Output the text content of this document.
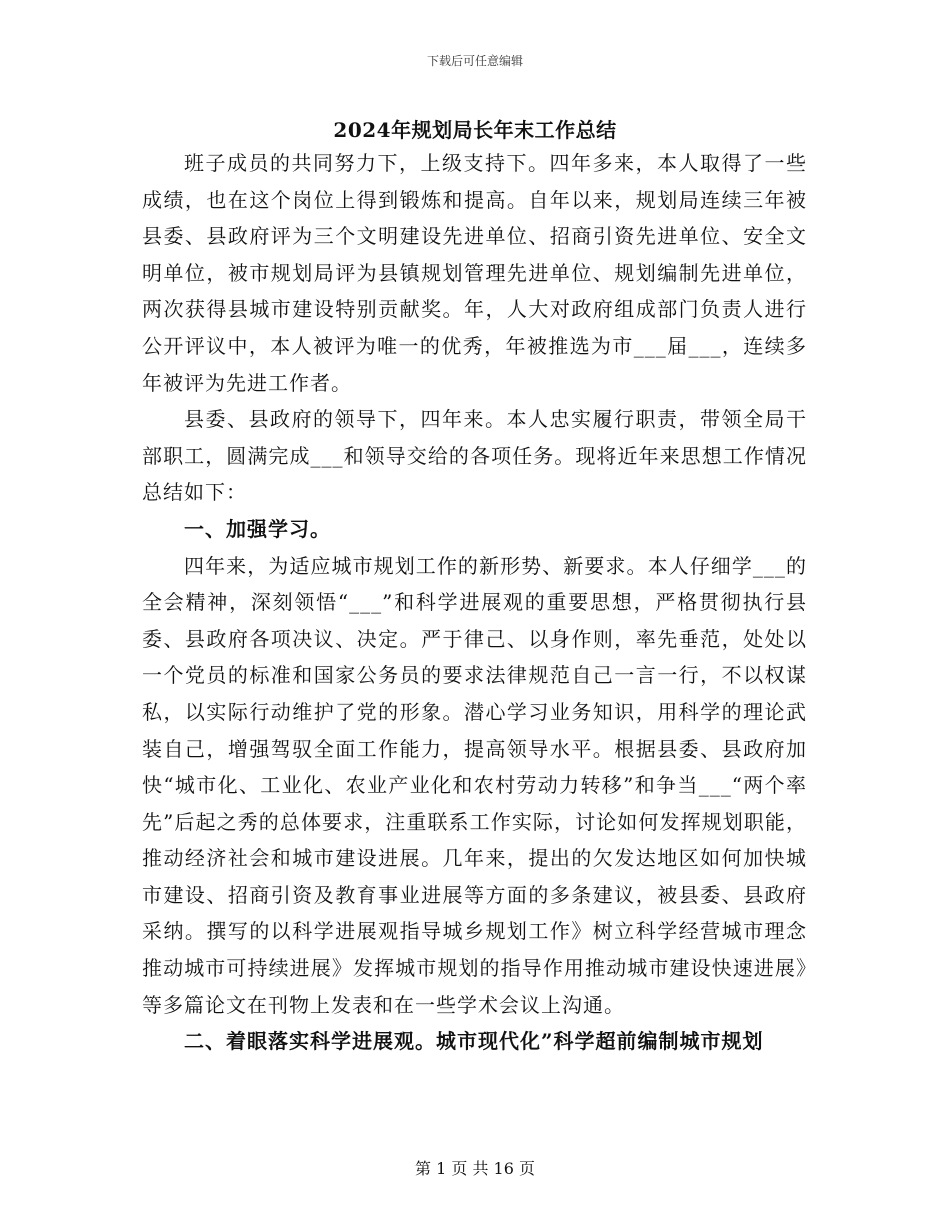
下载后可任意编辑
2024年规划局长年末工作总结

班子成员的共同努力下，上级支持下。四年多来，本人取得了一些成绩，也在这个岗位上得到锻炼和提高。自年以来，规划局连续三年被县委、县政府评为三个文明建设先进单位、招商引资先进单位、安全文明单位，被市规划局评为县镇规划管理先进单位、规划编制先进单位，两次获得县城市建设特别贡献奖。年，人大对政府组成部门负责人进行公开评议中，本人被评为唯一的优秀，年被推选为市___届___，连续多年被评为先进工作者。

县委、县政府的领导下，四年来。本人忠实履行职责，带领全局干部职工，圆满完成___和领导交给的各项任务。现将近年来思想工作情况总结如下：

一、加强学习。

四年来，为适应城市规划工作的新形势、新要求。本人仔细学___的全会精神，深刻领悟“___”和科学进展观的重要思想，严格贯彻执行县委、县政府各项决议、决定。严于律己、以身作则，率先垂范，处处以一个党员的标准和国家公务员的要求法律规范自己一言一行，不以权谋私，以实际行动维护了党的形象。潜心学习业务知识，用科学的理论武装自己，增强驾驭全面工作能力，提高领导水平。根据县委、县政府加快“城市化、工业化、农业产业化和农村劳动力转移”和争当___“两个率先”后起之秀的总体要求，注重联系工作实际，讨论如何发挥规划职能，推动经济社会和城市建设进展。几年来，提出的欠发达地区如何加快城市建设、招商引资及教育事业进展等方面的多条建议，被县委、县政府采纳。撰写的以科学进展观指导城乡规划工作》树立科学经营城市理念推动城市可持续进展》发挥城市规划的指导作用推动城市建设快速进展》等多篇论文在刊物上发表和在一些学术会议上沟通。

二、着眼落实科学进展观。城市现代化”科学超前编制城市规划

第 1 页 共 16 页
